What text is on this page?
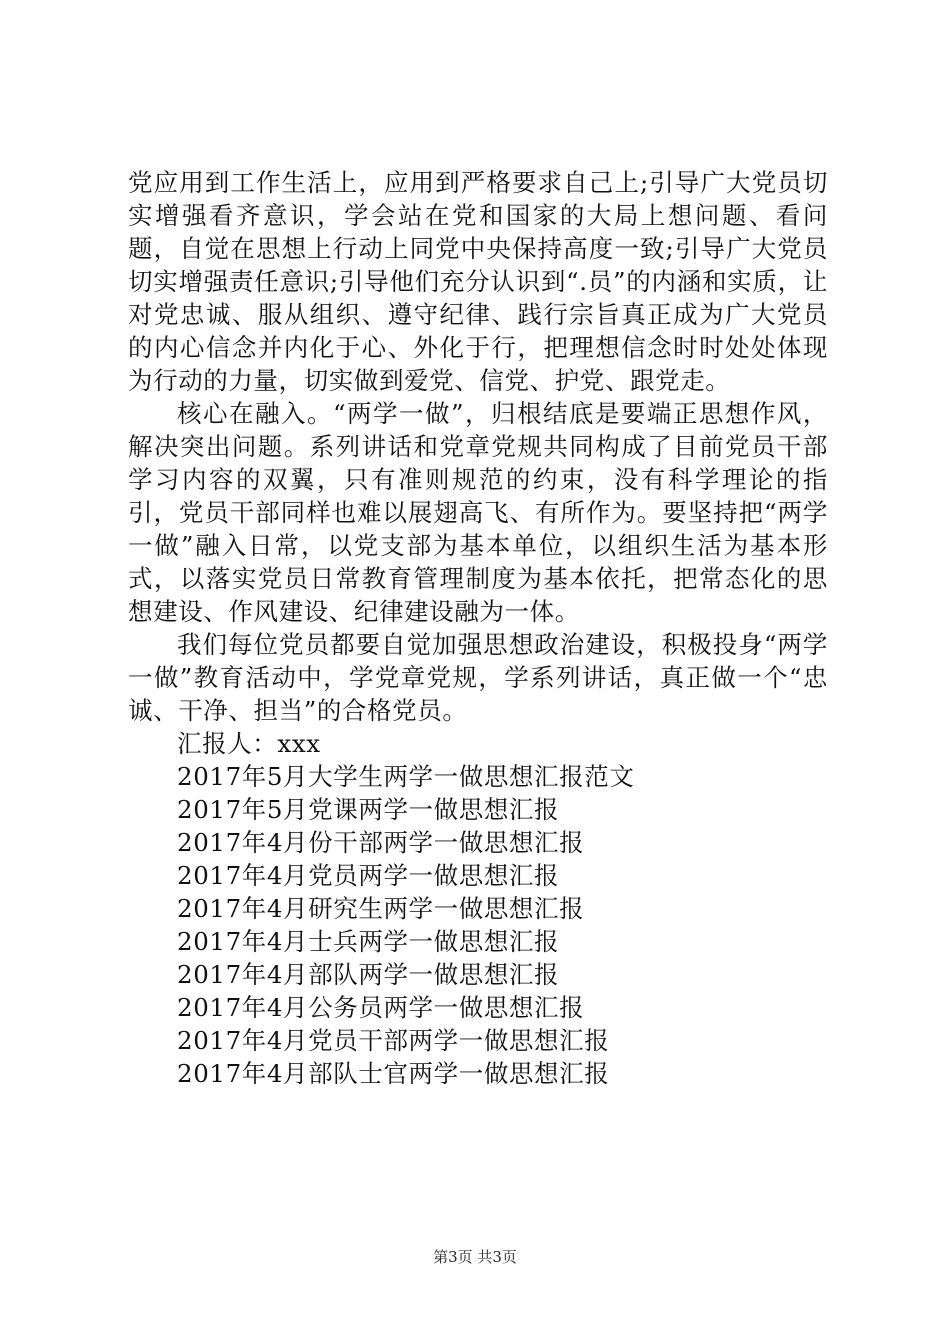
党应用到工作生活上，应用到严格要求自己上;引导广大党员切实增强看齐意识，学会站在党和国家的大局上想问题、看问题，自觉在思想上行动上同党中央保持高度一致;引导广大党员切实增强责任意识;引导他们充分认识到“.员”的内涵和实质，让对党忠诚、服从组织、遵守纪律、践行宗旨真正成为广大党员的内心信念并内化于心、外化于行，把理想信念时时处处体现为行动的力量，切实做到爱党、信党、护党、跟党走。

核心在融入。“两学一做”，归根结底是要端正思想作风，解决突出问题。系列讲话和党章党规共同构成了目前党员干部学习内容的双翼，只有准则规范的约束，没有科学理论的指引，党员干部同样也难以展翅高飞、有所作为。要坚持把“两学一做”融入日常，以党支部为基本单位，以组织生活为基本形式，以落实党员日常教育管理制度为基本依托，把常态化的思想建设、作风建设、纪律建设融为一体。

我们每位党员都要自觉加强思想政治建设，积极投身“两学一做”教育活动中，学党章党规，学系列讲话，真正做一个“忠诚、干净、担当”的合格党员。

汇报人：xxx

2017年5月大学生两学一做思想汇报范文

2017年5月党课两学一做思想汇报

2017年4月份干部两学一做思想汇报

2017年4月党员两学一做思想汇报

2017年4月研究生两学一做思想汇报

2017年4月士兵两学一做思想汇报

2017年4月部队两学一做思想汇报

2017年4月公务员两学一做思想汇报

2017年4月党员干部两学一做思想汇报

2017年4月部队士官两学一做思想汇报

第3页 共3页
